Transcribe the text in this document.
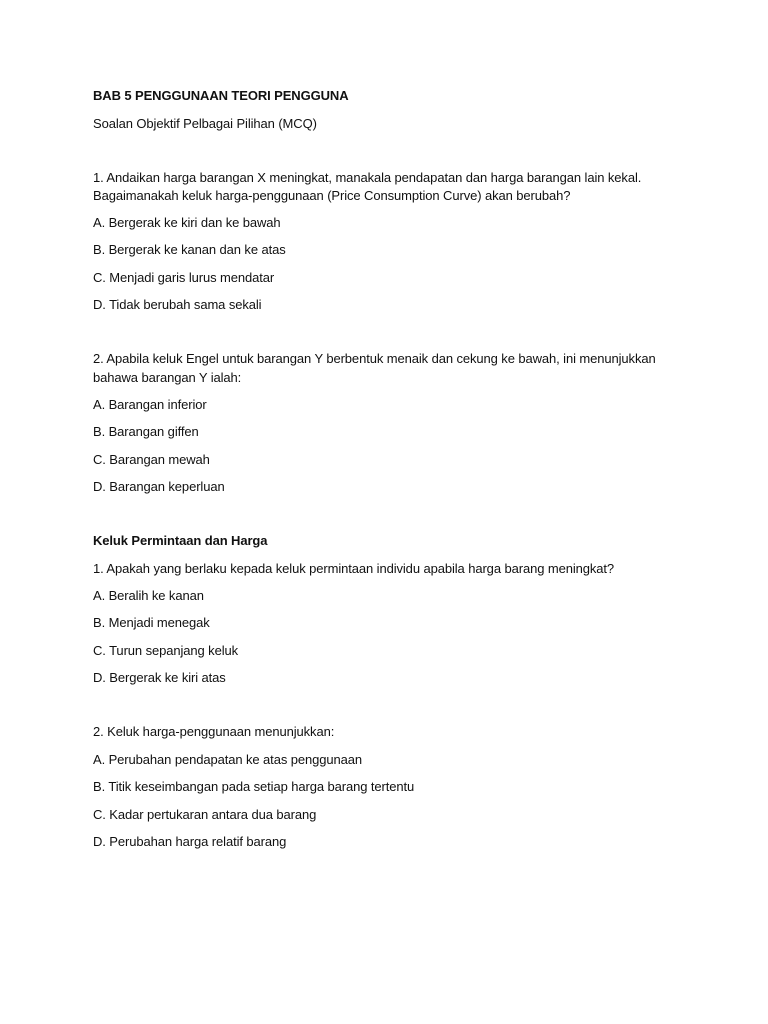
BAB 5 PENGGUNAAN TEORI PENGGUNA
Soalan Objektif Pelbagai Pilihan (MCQ)
1. Andaikan harga barangan X meningkat, manakala pendapatan dan harga barangan lain kekal.
Bagaimanakah keluk harga-penggunaan (Price Consumption Curve) akan berubah?
A. Bergerak ke kiri dan ke bawah
B. Bergerak ke kanan dan ke atas
C. Menjadi garis lurus mendatar
D. Tidak berubah sama sekali
2. Apabila keluk Engel untuk barangan Y berbentuk menaik dan cekung ke bawah, ini menunjukkan
bahawa barangan Y ialah:
A. Barangan inferior
B. Barangan giffen
C. Barangan mewah
D. Barangan keperluan
Keluk Permintaan dan Harga
1. Apakah yang berlaku kepada keluk permintaan individu apabila harga barang meningkat?
A. Beralih ke kanan
B. Menjadi menegak
C. Turun sepanjang keluk
D. Bergerak ke kiri atas
2. Keluk harga-penggunaan menunjukkan:
A. Perubahan pendapatan ke atas penggunaan
B. Titik keseimbangan pada setiap harga barang tertentu
C. Kadar pertukaran antara dua barang
D. Perubahan harga relatif barang
